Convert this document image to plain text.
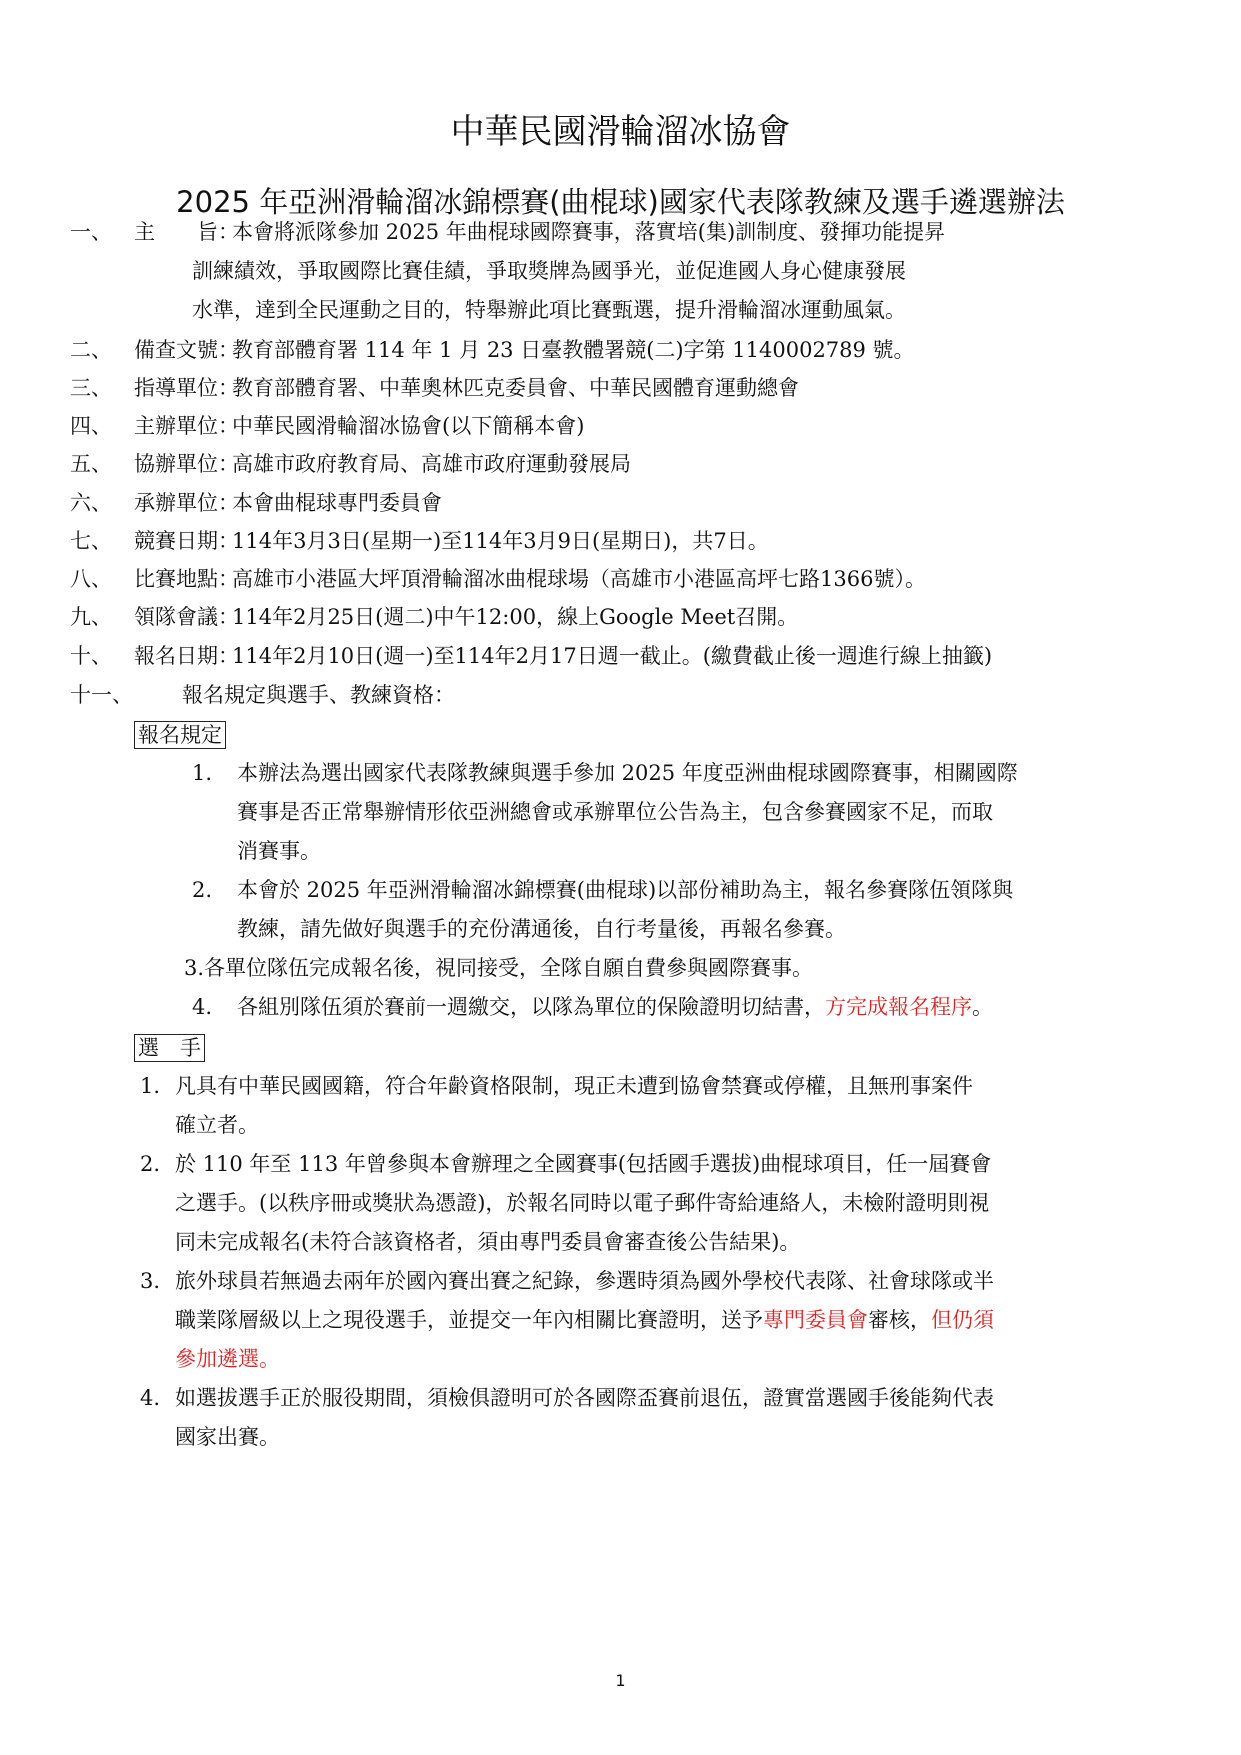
中華民國滑輪溜冰協會
2025 年亞洲滑輪溜冰錦標賽(曲棍球)國家代表隊教練及選手遴選辦法
一、 主　　旨：
本會將派隊參加 2025 年曲棍球國際賽事，落實培(集)訓制度、發揮功能提昇
訓練績效，爭取國際比賽佳績，爭取獎牌為國爭光，並促進國人身心健康發展
水準，達到全民運動之目的，特舉辦此項比賽甄選，提升滑輪溜冰運動風氣。
二、 備查文號：
教育部體育署 114 年 1 月 23 日臺教體署競(二)字第 1140002789 號。
三、 指導單位：
教育部體育署、中華奧林匹克委員會、中華民國體育運動總會
四、 主辦單位：
中華民國滑輪溜冰協會(以下簡稱本會)
五、 協辦單位：
高雄市政府教育局、高雄市政府運動發展局
六、 承辦單位：
本會曲棍球專門委員會
七、 競賽日期：
114年3月3日(星期一)至114年3月9日(星期日)，共7日。
八、 比賽地點：
高雄市小港區大坪頂滑輪溜冰曲棍球場（高雄市小港區高坪七路1366號）。
九、 領隊會議：
114年2月25日(週二)中午12:00，線上Google Meet召開。
十、 報名日期：
114年2月10日(週一)至114年2月17日週一截止。(繳費截止後一週進行線上抽籤)
十一、 報名規定與選手、教練資格：
報名規定
1. 本辦法為選出國家代表隊教練與選手參加 2025 年度亞洲曲棍球國際賽事，相關國際
賽事是否正常舉辦情形依亞洲總會或承辦單位公告為主，包含參賽國家不足，而取
消賽事。
2. 本會於 2025 年亞洲滑輪溜冰錦標賽(曲棍球)以部份補助為主，報名參賽隊伍領隊與
教練，請先做好與選手的充份溝通後，自行考量後，再報名參賽。
3.各單位隊伍完成報名後，視同接受，全隊自願自費參與國際賽事。
4. 各組別隊伍須於賽前一週繳交，以隊為單位的保險證明切結書，方完成報名程序。
選　手
1. 凡具有中華民國國籍，符合年齡資格限制，現正未遭到協會禁賽或停權，且無刑事案件
確立者。
2. 於 110 年至 113 年曾參與本會辦理之全國賽事(包括國手選拔)曲棍球項目，任一屆賽會
之選手。(以秩序冊或獎狀為憑證)，於報名同時以電子郵件寄給連絡人，未檢附證明則視
同未完成報名(未符合該資格者，須由專門委員會審查後公告結果)。
3. 旅外球員若無過去兩年於國內賽出賽之紀錄，參選時須為國外學校代表隊、社會球隊或半
職業隊層級以上之現役選手，並提交一年內相關比賽證明，送予專門委員會審核，但仍須
參加遴選。
4. 如選拔選手正於服役期間，須檢俱證明可於各國際盃賽前退伍，證實當選國手後能夠代表
國家出賽。
1
